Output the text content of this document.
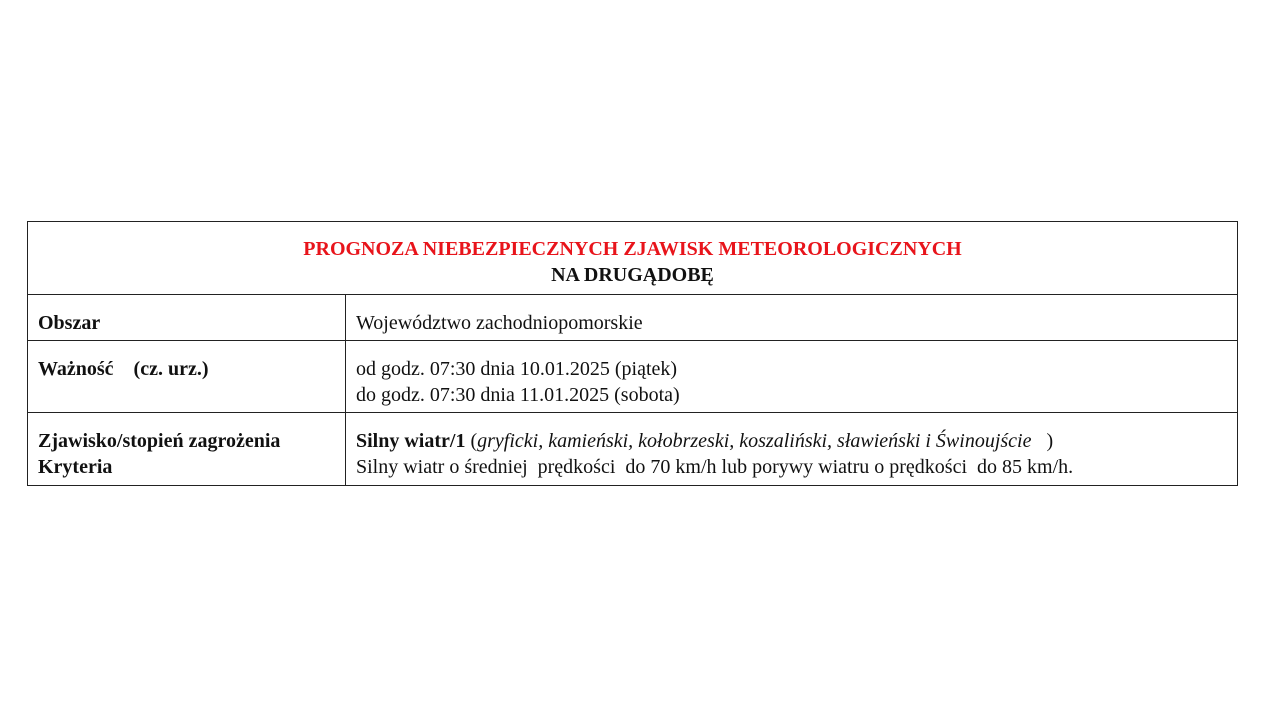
PROGNOZA NIEBEZPIECZNYCH ZJAWISK METEOROLOGICZNYCH
NA DRUGĄDOBĘ	

Obszar	Województwo zachodniopomorskie

Ważność    (cz. urz.)	od godz. 07:30 dnia 10.01.2025 (piątek)
do godz. 07:30 dnia 11.01.2025 (sobota)

Zjawisko/stopień zagrożenia
Kryteria	Silny wiatr/1 (gryficki, kamieński, kołobrzeski, koszaliński, sławieński i Świnoujście   )
Silny wiatr o średniej  prędkości  do 70 km/h lub porywy wiatru o prędkości  do 85 km/h.
